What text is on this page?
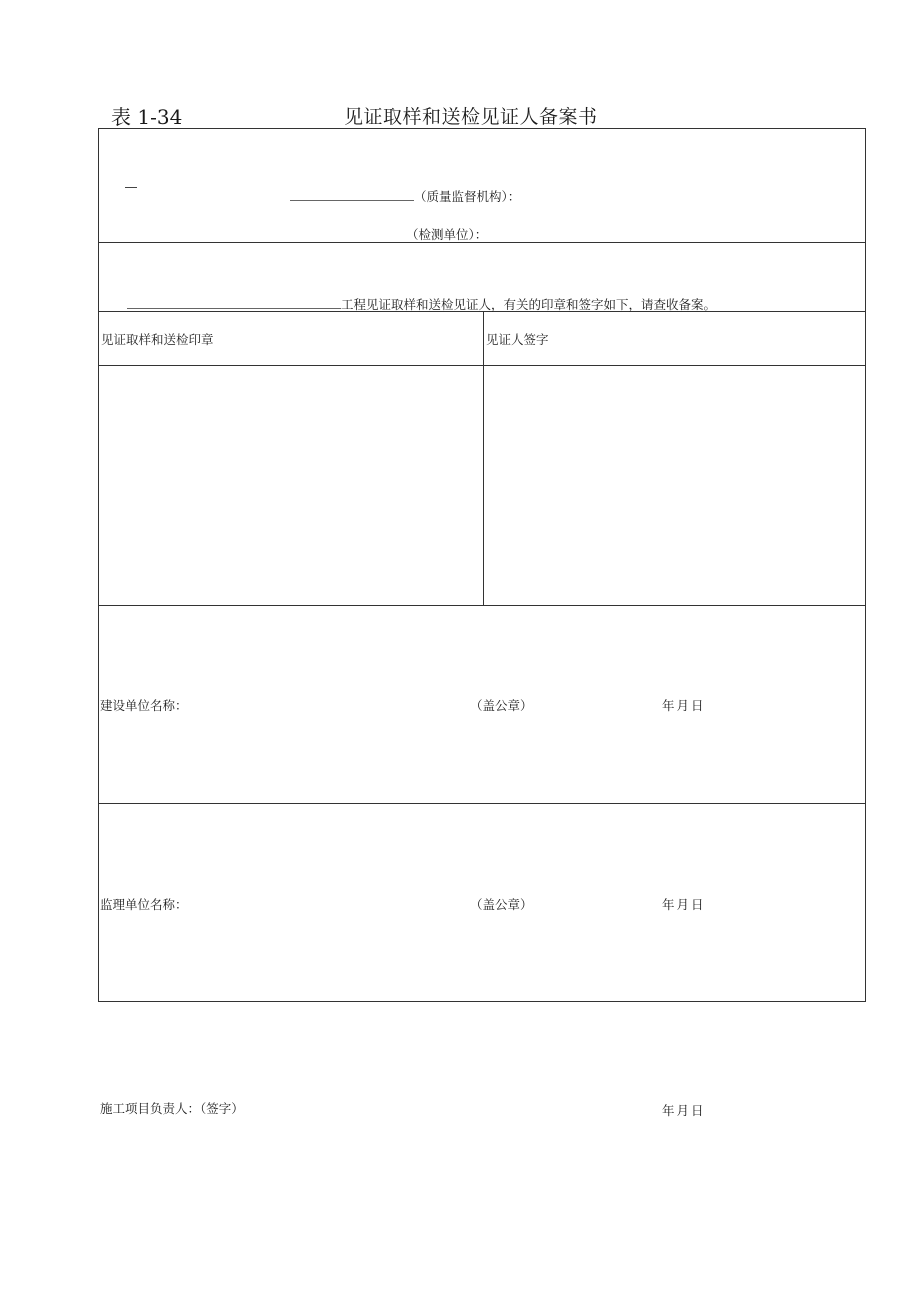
表 1-34	见证取样和送检见证人备案书
（质量监督机构）：
（检测单位）：
工程见证取样和送检见证人，有关的印章和签字如下，请查收备案。
见证取样和送检印章	见证人签字
建设单位名称：	（盖公章）	年月日
监理单位名称：	（盖公章）	年月日
施工项目负责人：（签字）	年月日
